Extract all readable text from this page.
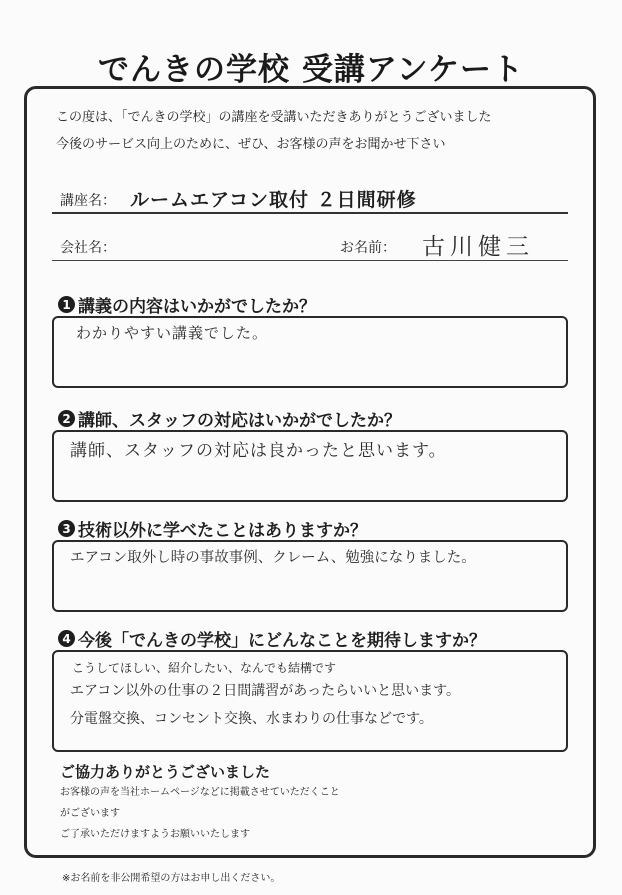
でんきの学校 受講アンケート
この度は、「でんきの学校」の講座を受講いただきありがとうございました
今後のサービス向上のために、ぜひ、お客様の声をお聞かせ下さい
講座名： ルームエアコン取付 ２日間研修
会社名：	お名前： 古川健三
1 講義の内容はいかがでしたか？
わかりやすい講義でした。
2 講師、スタッフの対応はいかがでしたか？
講師、スタッフの対応は良かったと思います。
3 技術以外に学べたことはありますか？
エアコン取外し時の事故事例、クレーム、勉強になりました。
4 今後「でんきの学校」にどんなことを期待しますか？
こうしてほしい、紹介したい、なんでも結構です
エアコン以外の仕事の２日間講習があったらいいと思います。
分電盤交換、コンセント交換、水まわりの仕事などです。
ご協力ありがとうございました
お客様の声を当社ホームページなどに掲載させていただくこと
がございます
ご了承いただけますようお願いいたします
※お名前を非公開希望の方はお申し出ください。
